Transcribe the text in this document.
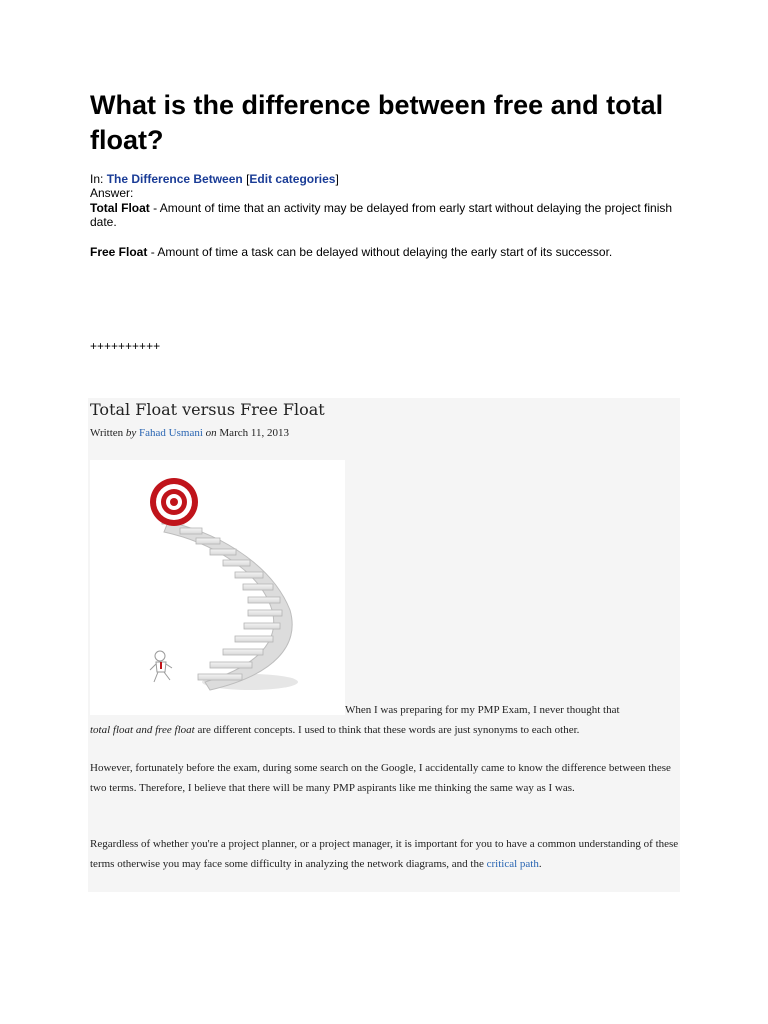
What is the difference between free and total float?
In: The Difference Between [Edit categories]
Answer:
Total Float - Amount of time that an activity may be delayed from early start without delaying the project finish date.
Free Float - Amount of time a task can be delayed without delaying the early start of its successor.
++++++++++
Total Float versus Free Float
Written by Fahad Usmani on March 11, 2013
When I was preparing for my PMP Exam, I never thought that
total float and free float are different concepts. I used to think that these words are just synonyms to each other.
However, fortunately before the exam, during some search on the Google, I accidentally came to know the difference between these two terms. Therefore, I believe that there will be many PMP aspirants like me thinking the same way as I was.
Regardless of whether you're a project planner, or a project manager, it is important for you to have a common understanding of these terms otherwise you may face some difficulty in analyzing the network diagrams, and the critical path.
